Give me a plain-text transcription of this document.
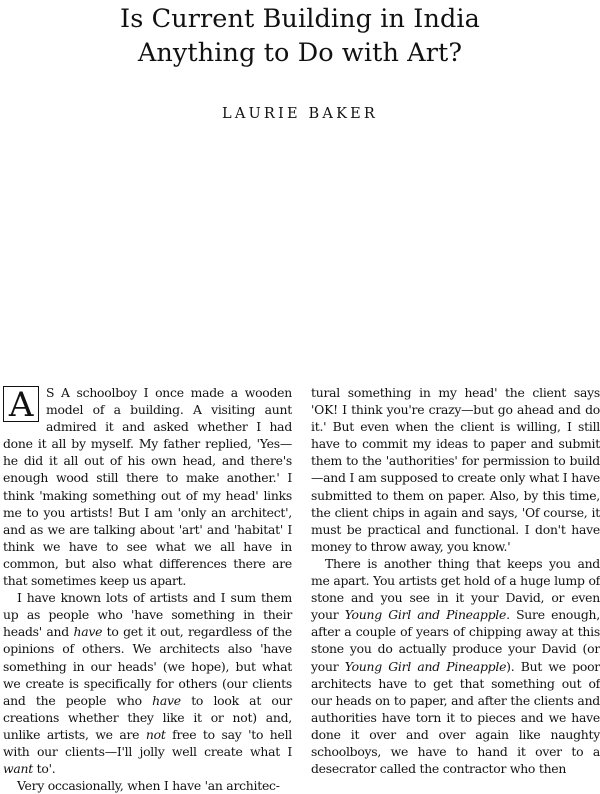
Is Current Building in India
Anything to Do with Art?
LAURIE BAKER

A	S A schoolboy I once made a wooden model of a building. A visiting aunt admired it and asked whether I had done it all by myself. My father replied, 'Yes—he did it all out of his own head, and there's enough wood still there to make another.' I think 'making something out of my head' links me to you artists! But I am 'only an architect', and as we are talking about 'art' and 'habitat' I think we have to see what we all have in common, but also what differences there are that sometimes keep us apart.

I have known lots of artists and I sum them up as people who 'have something in their heads' and have to get it out, regardless of the opinions of others. We architects also 'have something in our heads' (we hope), but what we create is specifically for others (our clients and the people who have to look at our creations whether they like it or not) and, unlike artists, we are not free to say 'to hell with our clients—I'll jolly well create what I want to'.

Very occasionally, when I have 'an architec-

tural something in my head' the client says 'OK! I think you're crazy—but go ahead and do it.' But even when the client is willing, I still have to commit my ideas to paper and submit them to the 'authorities' for permission to build—and I am supposed to create only what I have submitted to them on paper. Also, by this time, the client chips in again and says, 'Of course, it must be practical and functional. I don't have money to throw away, you know.'

There is another thing that keeps you and me apart. You artists get hold of a huge lump of stone and you see in it your David, or even your Young Girl and Pineapple. Sure enough, after a couple of years of chipping away at this stone you do actually produce your David (or your Young Girl and Pineapple). But we poor architects have to get that something out of our heads on to paper, and after the clients and authorities have torn it to pieces and we have done it over and over again like naughty schoolboys, we have to hand it over to a desecrator called the contractor who then
